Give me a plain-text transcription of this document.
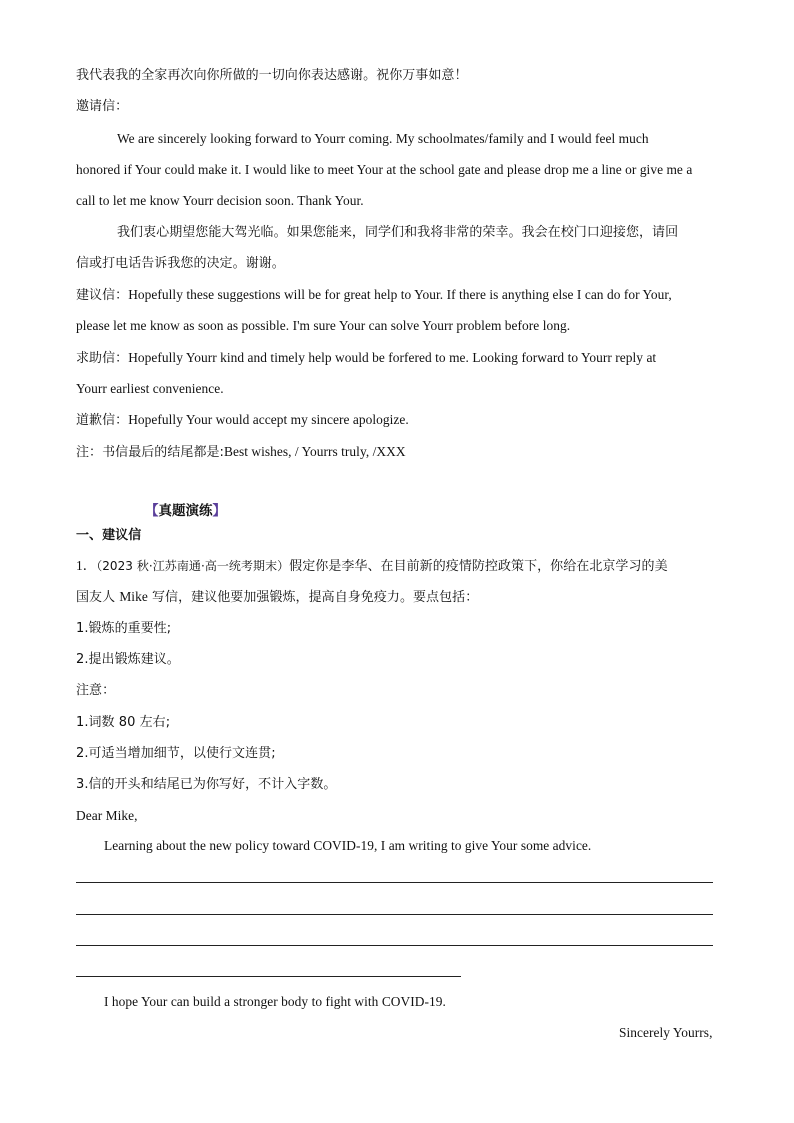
我代表我的全家再次向你所做的一切向你表达感谢。祝你万事如意！
邀请信：
We are sincerely looking forward to Yourr coming. My schoolmates/family and I would feel much
honored if Your could make it. I would like to meet Your at the school gate and please drop me a line or give me a
call to let me know Yourr decision soon. Thank Your.
我们衷心期望您能大驾光临。如果您能来，同学们和我将非常的荣幸。我会在校门口迎接您，请回
信或打电话告诉我您的决定。谢谢。
建议信：Hopefully these suggestions will be for great help to Your. If there is anything else I can do for Your,
please let me know as soon as possible. I'm sure Your can solve Yourr problem before long.
求助信：Hopefully Yourr kind and timely help would be forfered to me. Looking forward to Yourr reply at
Yourr earliest convenience.
道歉信：Hopefully Your would accept my sincere apologize.
注：书信最后的结尾都是:Best wishes, / Yourrs truly, /XXX
【真题演练】
一、建议信
1．（2023 秋·江苏南通·高一统考期末）假定你是李华、在目前新的疫情防控政策下，你给在北京学习的美
国友人 Mike 写信，建议他要加强锻炼，提高自身免疫力。要点包括：
1.锻炼的重要性;
2.提出锻炼建议。
注意：
1.词数 80 左右;
2.可适当增加细节，以使行文连贯;
3.信的开头和结尾已为你写好，不计入字数。
Dear Mike,
Learning about the new policy toward COVID-19, I am writing to give Your some advice.
I hope Your can build a stronger body to fight with COVID-19.
Sincerely Yourrs,
